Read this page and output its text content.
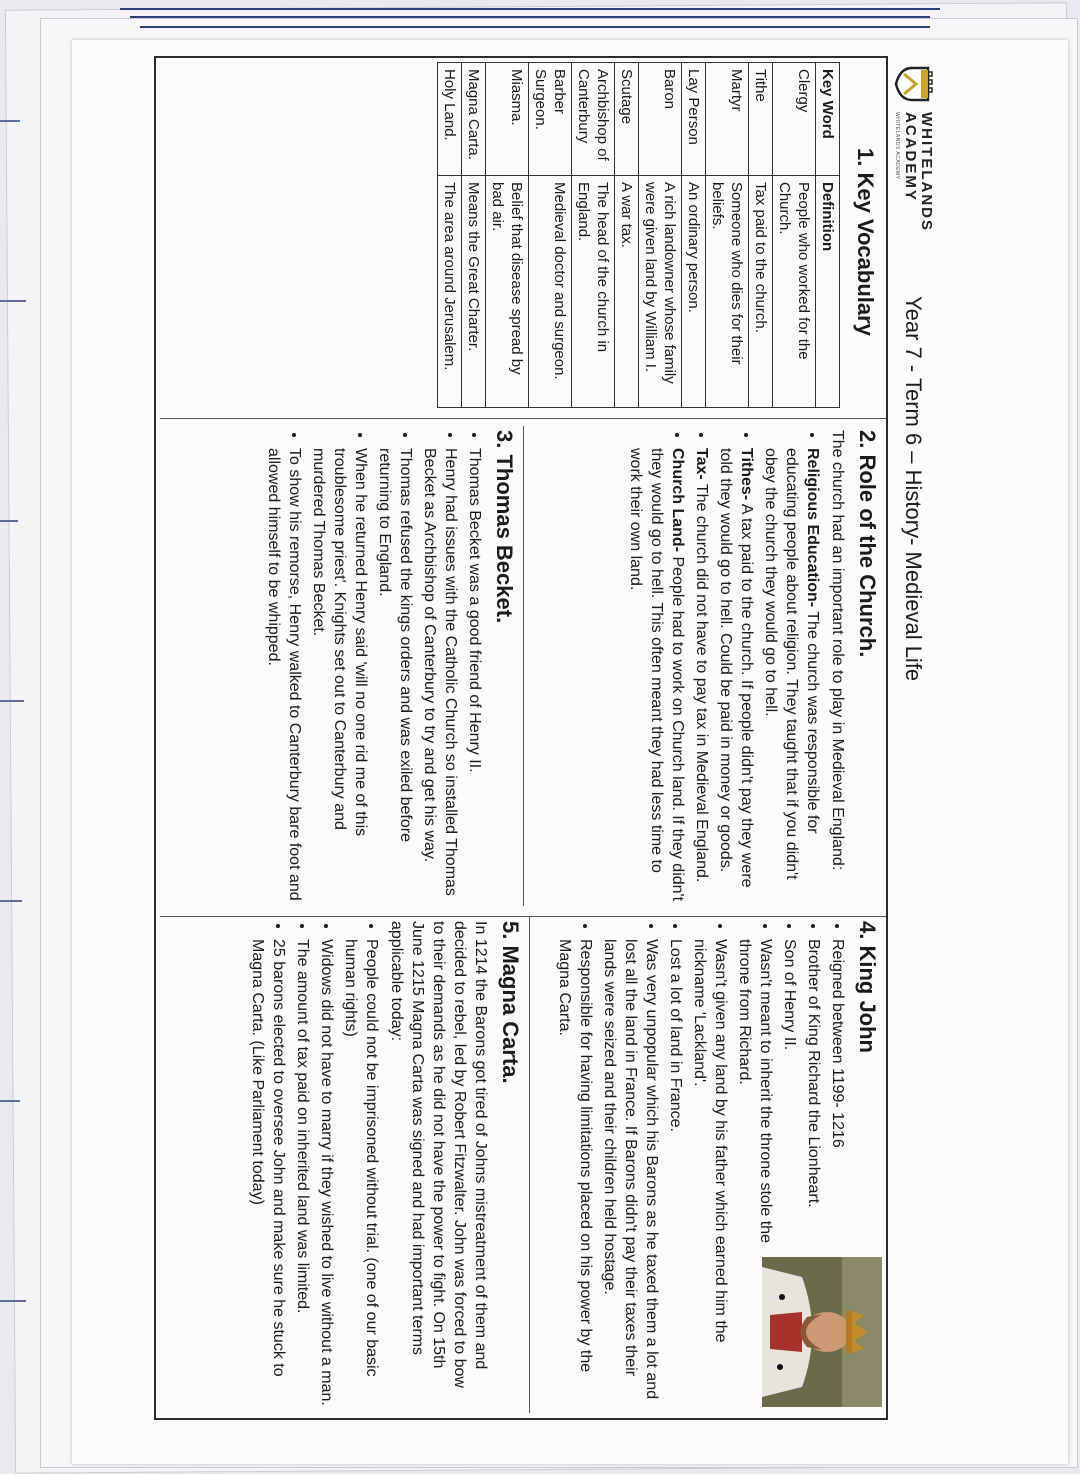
WHITELANDS
ACADEMY
WHITELANDS ACADEMY
Year 7 - Term 6 – History- Medieval Life
1. Key Vocabulary
Key Word	Definition
Clergy	People who worked for the Church.
Tithe	Tax paid to the church.
Martyr	Someone who dies for their beliefs.
Lay Person	An ordinary person.
Baron	A rich landowner whose family were given land by William I.
Scutage	A war tax.
Archbishop of Canterbury	The head of the church in England.
Barber Surgeon.	Medieval doctor and surgeon.
Miasma.	Belief that disease spread by bad air.
Magna Carta.	Means the Great Charter.
Holy Land.	The area around Jerusalem.
2. Role of the Church.
The church had an important role to play in Medieval England:
• Religious Education- The church was responsible for educating people about religion. They taught that if you didn't obey the church they would go to hell.
• Tithes- A tax paid to the church. If people didn't pay they were told they would go to hell. Could be paid in money or goods.
• Tax- The church did not have to pay tax in Medieval England.
• Church Land- People had to work on Church land. If they didn't they would go to hell. This often meant they had less time to work their own land.
3. Thomas Becket.
• Thomas Becket was a good friend of Henry II.
• Henry had issues with the Catholic Church so installed Thomas Becket as Archbishop of Canterbury to try and get his way.
• Thomas refused the kings orders and was exiled before returning to England.
• When he returned Henry said 'will no one rid me of this troublesome priest'. Knights set out to Canterbury and murdered Thomas Becket.
• To show his remorse, Henry walked to Canterbury bare foot and allowed himself to be whipped.
4. King John
• Reigned between 1199- 1216
• Brother of King Richard the Lionheart.
• Son of Henry II.
• Wasn't meant to inherit the throne stole the throne from Richard.
• Wasn't given any land by his father which earned him the nickname 'Lackland'.
• Lost a lot of land in France.
• Was very unpopular which his Barons as he taxed them a lot and lost all the land in France. If Barons didn't pay their taxes their lands were seized and their children held hostage.
• Responsible for having limitations placed on his power by the Magna Carta.
5. Magna Carta.
In 1214 the Barons got tired of Johns mistreatment of them and decided to rebel, led by Robert Fitzwalter. John was forced to bow to their demands as he did not have the power to fight. On 15th June 1215 Magna Carta was signed and had important terms applicable today:
• People could not be imprisoned without trial. (one of our basic human rights)
• Widows did not have to marry if they wished to live without a man.
• The amount of tax paid on inherited land was limited.
• 25 barons elected to oversee John and make sure he stuck to Magna Carta. (Like Parliament today)
